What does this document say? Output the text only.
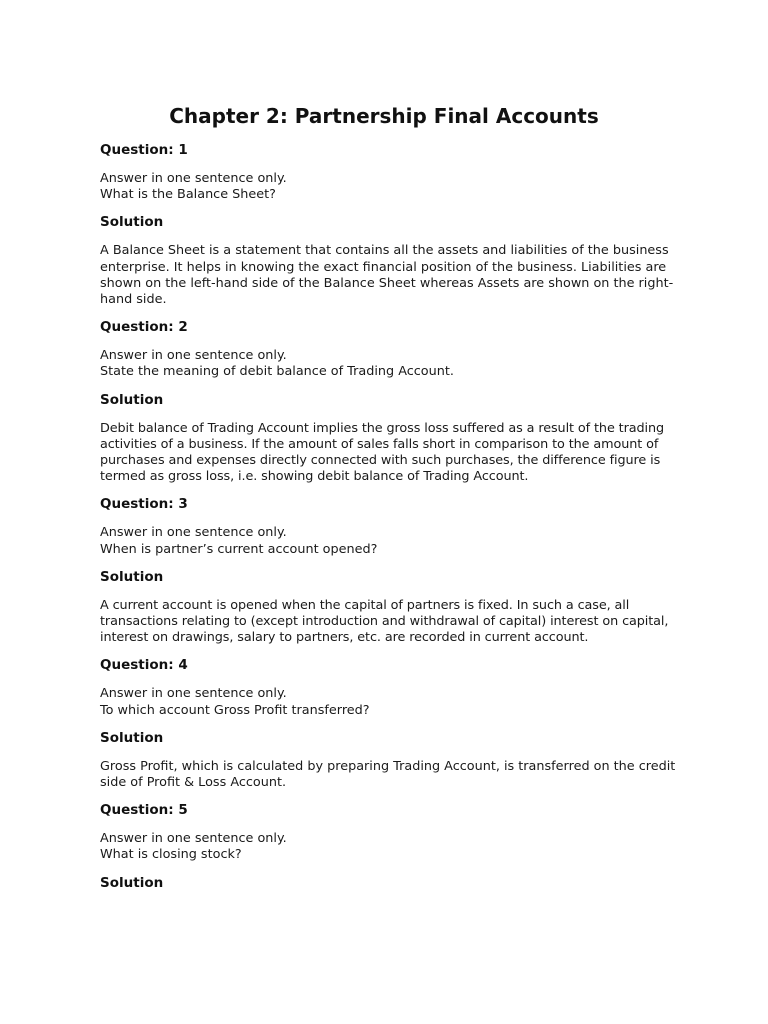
Chapter 2: Partnership Final Accounts

Question: 1

Answer in one sentence only.
What is the Balance Sheet?

Solution

A Balance Sheet is a statement that contains all the assets and liabilities of the business enterprise. It helps in knowing the exact financial position of the business. Liabilities are shown on the left-hand side of the Balance Sheet whereas Assets are shown on the right-hand side.

Question: 2

Answer in one sentence only.
State the meaning of debit balance of Trading Account.

Solution

Debit balance of Trading Account implies the gross loss suffered as a result of the trading activities of a business. If the amount of sales falls short in comparison to the amount of purchases and expenses directly connected with such purchases, the difference figure is termed as gross loss, i.e. showing debit balance of Trading Account.

Question: 3

Answer in one sentence only.
When is partner’s current account opened?

Solution

A current account is opened when the capital of partners is fixed. In such a case, all transactions relating to (except introduction and withdrawal of capital) interest on capital, interest on drawings, salary to partners, etc. are recorded in current account.

Question: 4

Answer in one sentence only.
To which account Gross Profit transferred?

Solution

Gross Profit, which is calculated by preparing Trading Account, is transferred on the credit side of Profit & Loss Account.

Question: 5

Answer in one sentence only.
What is closing stock?

Solution
